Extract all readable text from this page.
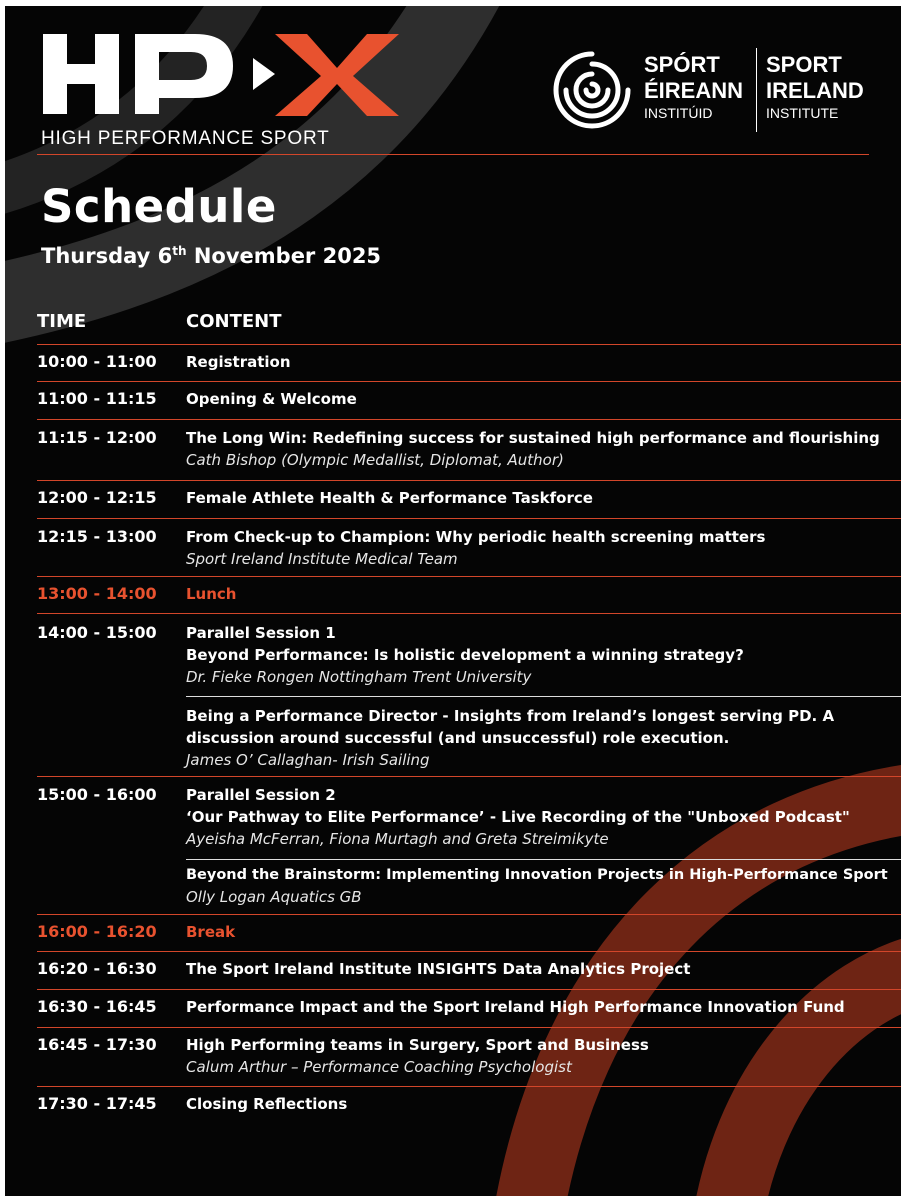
HIGH PERFORMANCE SPORT
SPÓRT
ÉIREANN
INSTITÚID
SPORT
IRELAND
INSTITUTE
Schedule
Thursday 6th November 2025
TIME	CONTENT
10:00 - 11:00 Registration
11:00 - 11:15 Opening & Welcome
11:15 - 12:00 The Long Win: Redefining success for sustained high performance and flourishing
Cath Bishop (Olympic Medallist, Diplomat, Author)
12:00 - 12:15 Female Athlete Health & Performance Taskforce
12:15 - 13:00 From Check-up to Champion: Why periodic health screening matters
Sport Ireland Institute Medical Team
13:00 - 14:00 Lunch
14:00 - 15:00 Parallel Session 1
Beyond Performance: Is holistic development a winning strategy?
Dr. Fieke Rongen Nottingham Trent University
Being a Performance Director - Insights from Ireland’s longest serving PD. A
discussion around successful (and unsuccessful) role execution.
James O’ Callaghan- Irish Sailing
15:00 - 16:00 Parallel Session 2
‘Our Pathway to Elite Performance’ - Live Recording of the "Unboxed Podcast"
Ayeisha McFerran, Fiona Murtagh and Greta Streimikyte
Beyond the Brainstorm: Implementing Innovation Projects in High-Performance Sport
Olly Logan Aquatics GB
16:00 - 16:20 Break
16:20 - 16:30 The Sport Ireland Institute INSIGHTS Data Analytics Project
16:30 - 16:45 Performance Impact and the Sport Ireland High Performance Innovation Fund
16:45 - 17:30 High Performing teams in Surgery, Sport and Business
Calum Arthur – Performance Coaching Psychologist
17:30 - 17:45 Closing Reflections
